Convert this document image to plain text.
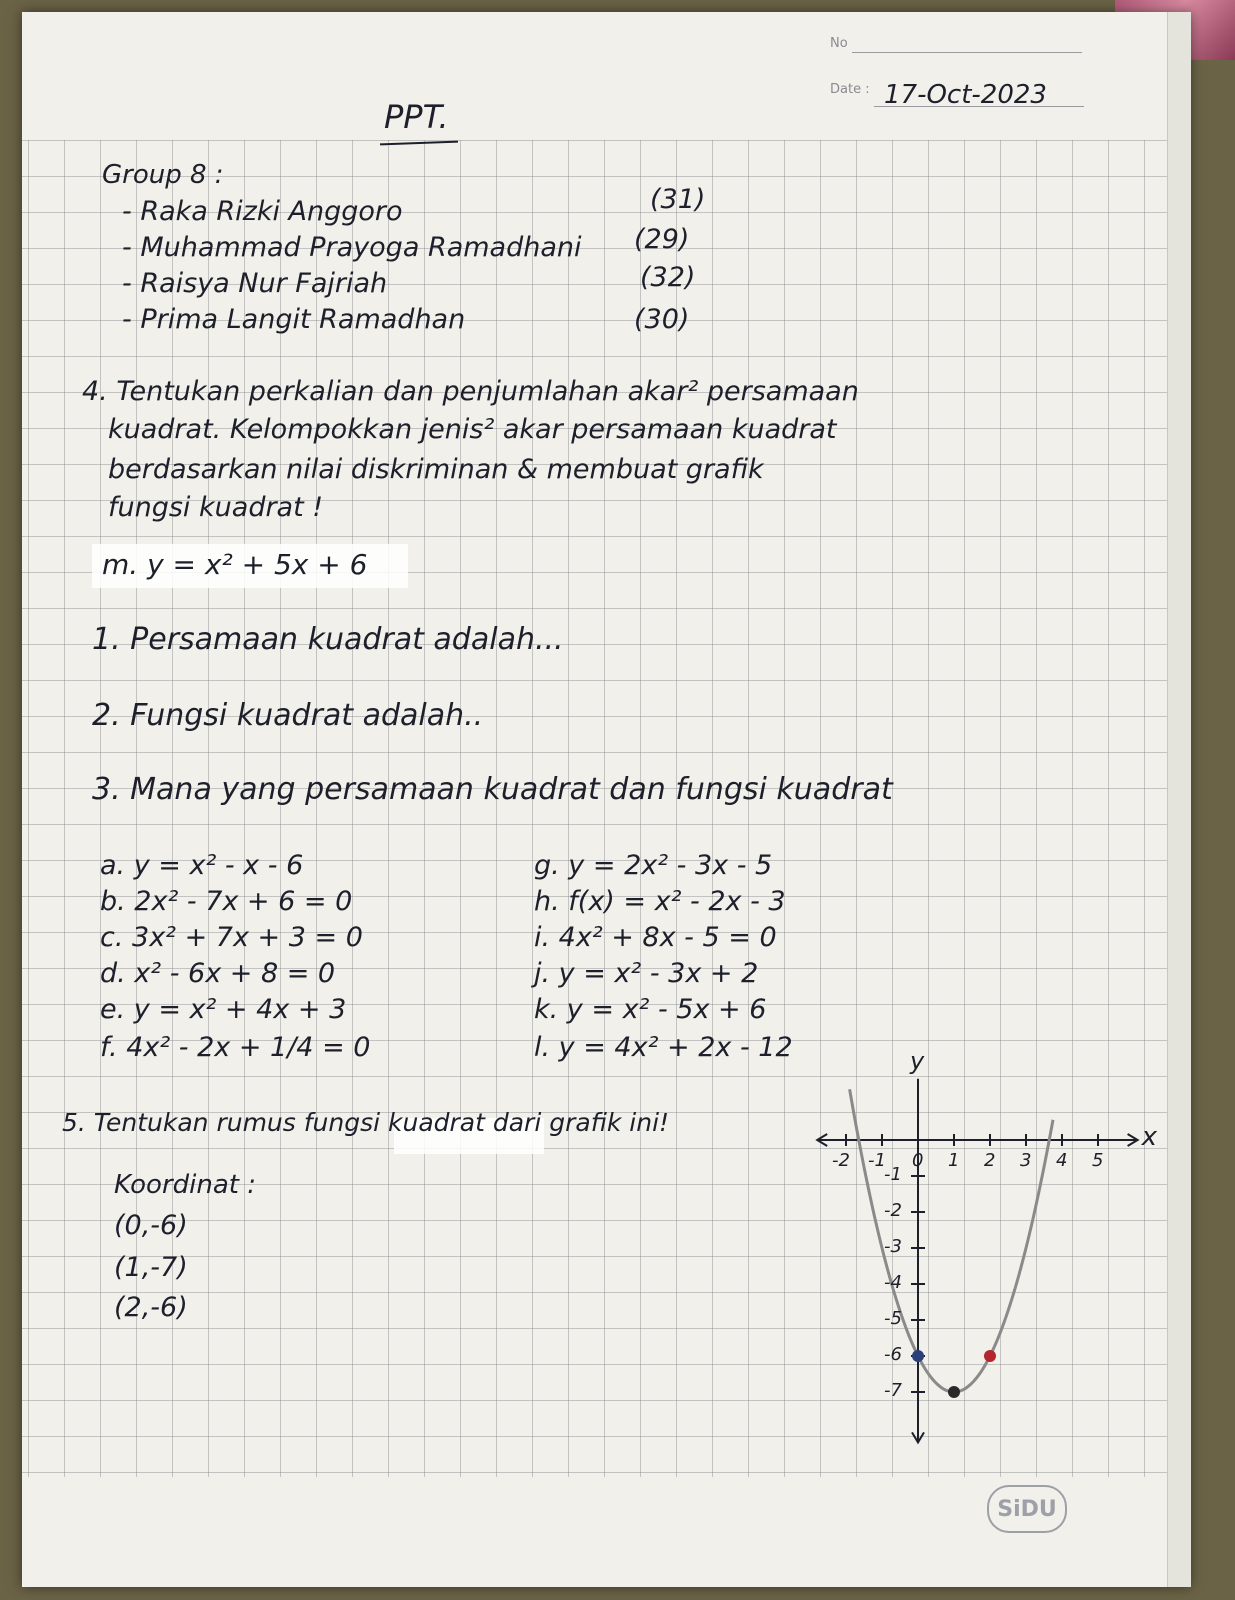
No
Date : 17-Oct-2023
PPT.
Group 8 :
- Raka Rizki Anggoro	(31)
- Muhammad Prayoga Ramadhani (29)
- Raisya Nur Fajriah	(32)
- Prima Langit Ramadhan	(30)
4. Tentukan perkalian dan penjumlahan akar² persamaan
kuadrat. Kelompokkan jenis² akar persamaan kuadrat
berdasarkan nilai diskriminan & membuat grafik
fungsi kuadrat !
m. y = x² + 5x + 6
1. Persamaan kuadrat adalah...
2. Fungsi kuadrat adalah..
3. Mana yang persamaan kuadrat dan fungsi kuadrat
a. y = x² - x - 6
b. 2x² - 7x + 6 = 0
c. 3x² + 7x + 3 = 0
d. x² - 6x + 8 = 0
e. y = x² + 4x + 3
f. 4x² - 2x + 1/4 = 0
g. y = 2x² - 3x - 5
h. f(x) = x² - 2x - 3
i. 4x² + 8x - 5 = 0
j. y = x² - 3x + 2
k. y = x² - 5x + 6
l. y = 4x² + 2x - 12
5. Tentukan rumus fungsi kuadrat dari grafik ini!
Koordinat :
(0,-6)
(1,-7)
(2,-6)
x
y
-2 -1 0 1 2 3 4 5
-1
-2
-3
-4
-5
-6
-7
SiDU
